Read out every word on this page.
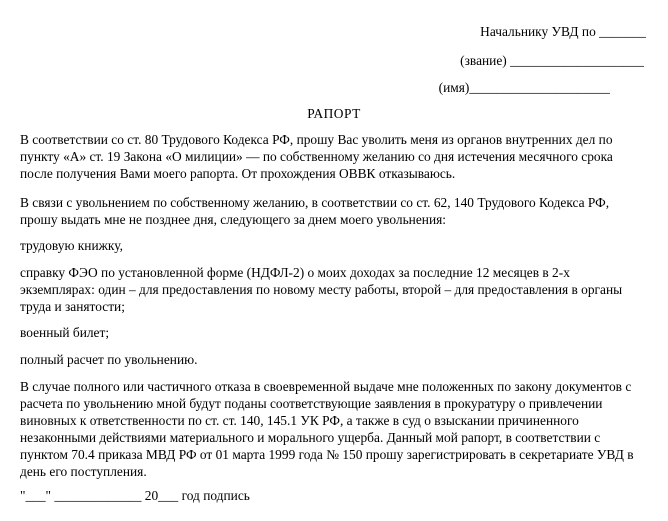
Начальнику УВД по _______
(звание) ____________________
(имя)_____________________
РАПОРТ
В соответствии со ст. 80 Трудового Кодекса РФ, прошу Вас уволить меня из органов внутренних дел по
пункту «А» ст. 19 Закона «О милиции» — по собственному желанию со дня истечения месячного срока
после получения Вами моего рапорта. От прохождения ОВВК отказываюсь.
В связи с увольнением по собственному желанию, в соответствии со ст. 62, 140 Трудового Кодекса РФ,
прошу выдать мне не позднее дня, следующего за днем моего увольнения:
трудовую книжку,
справку ФЭО по установленной форме (НДФЛ-2) о моих доходах за последние 12 месяцев в 2-х
экземплярах: один – для предоставления по новому месту работы, второй – для предоставления в органы
труда и занятости;
военный билет;
полный расчет по увольнению.
В случае полного или частичного отказа в своевременной выдаче мне положенных по закону документов с
расчета по увольнению мной будут поданы соответствующие заявления в прокуратуру о привлечении
виновных к ответственности по ст. ст. 140, 145.1 УК РФ, а также в суд о взыскании причиненного
незаконными действиями материального и морального ущерба. Данный мой рапорт, в соответствии с
пунктом 70.4 приказа МВД РФ от 01 марта 1999 года № 150 прошу зарегистрировать в секретариате УВД в
день его поступления.
"___" _____________ 20___ год подпись
